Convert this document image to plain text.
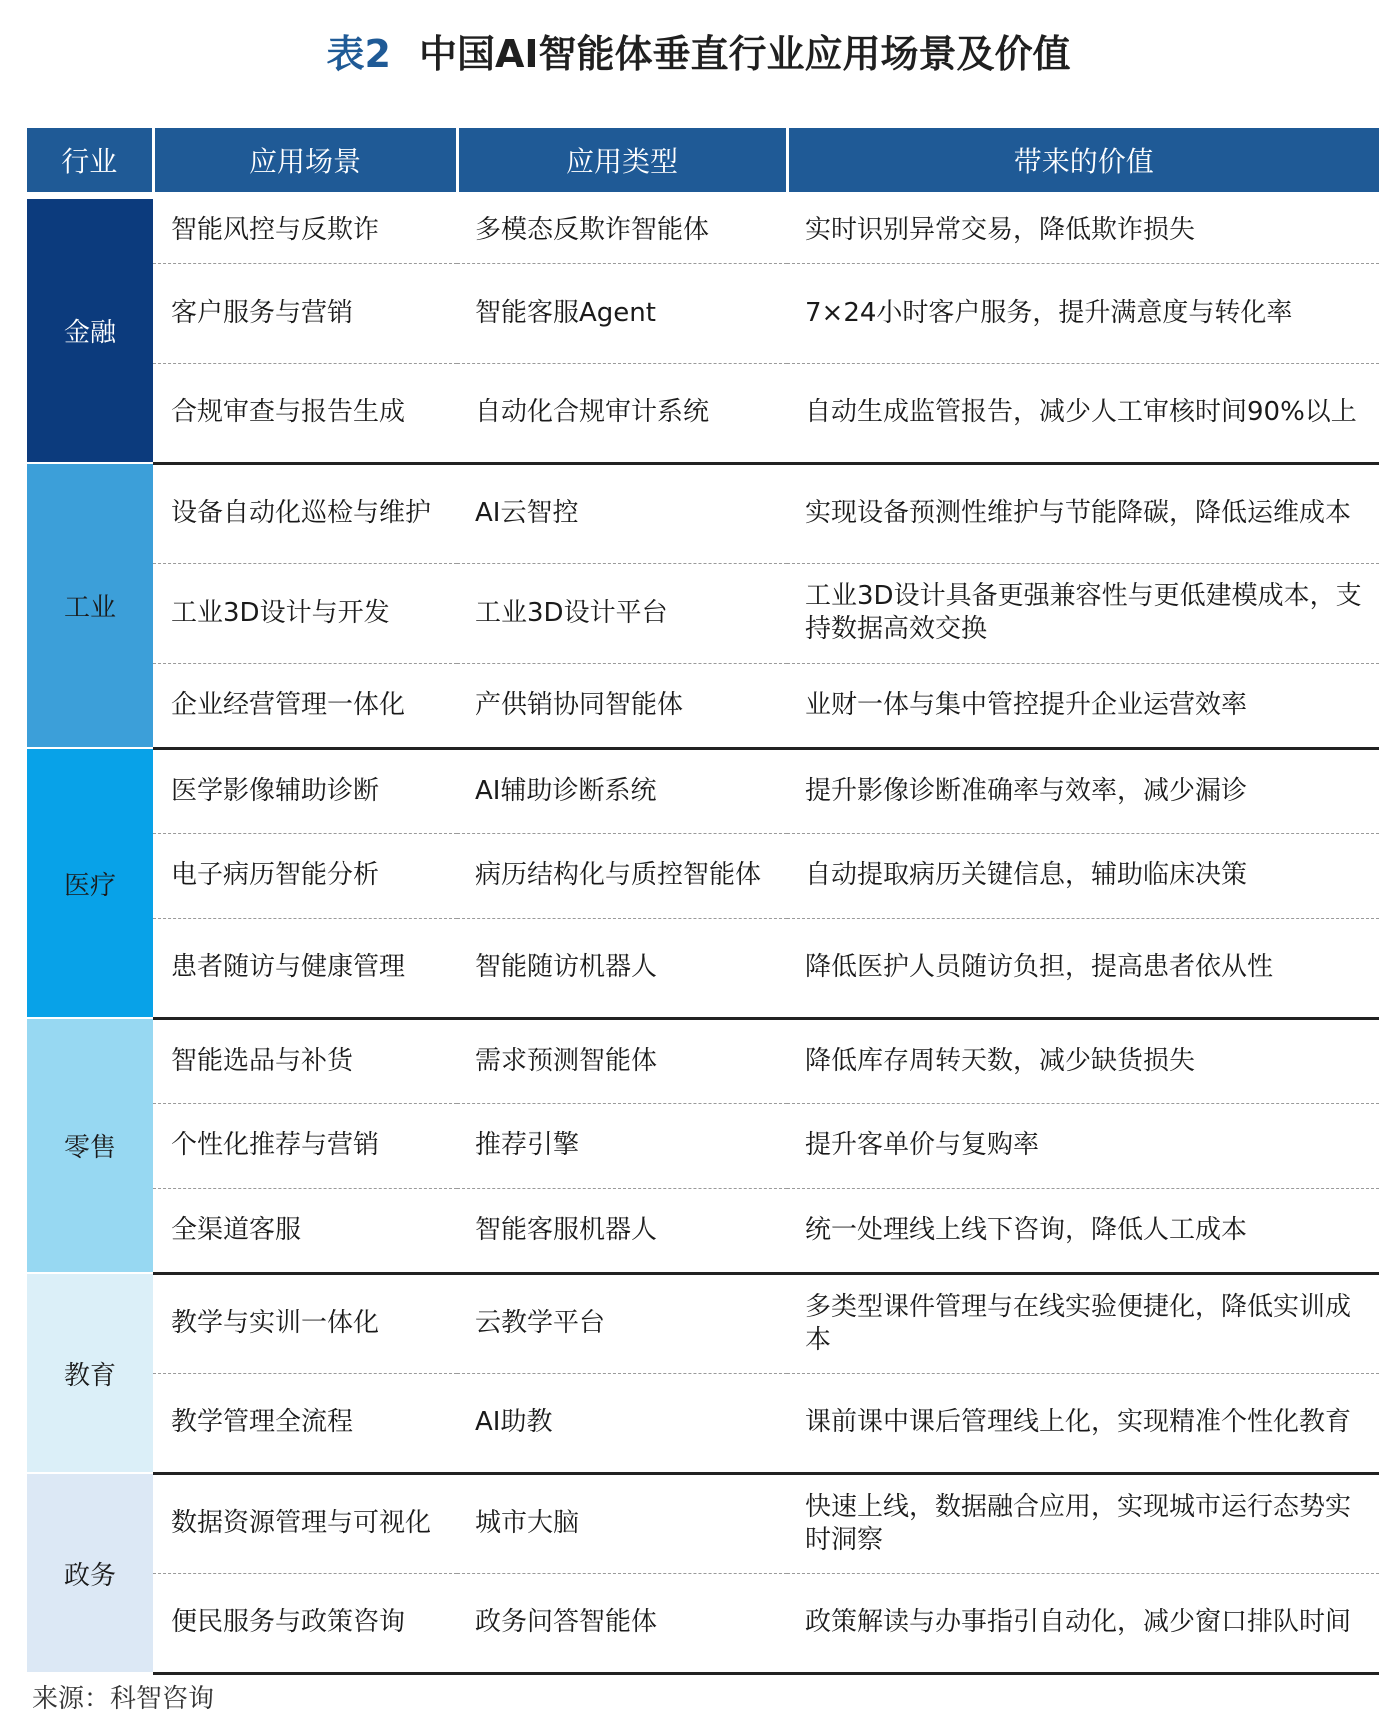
表2 中国AI智能体垂直行业应用场景及价值
行业	应用场景	应用类型	带来的价值

金融	智能风控与反欺诈	多模态反欺诈智能体	实时识别异常交易，降低欺诈损失
	客户服务与营销	智能客服Agent	7×24小时客户服务，提升满意度与转化率
	合规审查与报告生成	自动化合规审计系统	自动生成监管报告，减少人工审核时间90%以上
工业	设备自动化巡检与维护	AI云智控	实现设备预测性维护与节能降碳，降低运维成本
	工业3D设计与开发	工业3D设计平台	工业3D设计具备更强兼容性与更低建模成本，支持数据高效交换
	企业经营管理一体化	产供销协同智能体	业财一体与集中管控提升企业运营效率
医疗	医学影像辅助诊断	AI辅助诊断系统	提升影像诊断准确率与效率，减少漏诊
	电子病历智能分析	病历结构化与质控智能体	自动提取病历关键信息，辅助临床决策
	患者随访与健康管理	智能随访机器人	降低医护人员随访负担，提高患者依从性
零售	智能选品与补货	需求预测智能体	降低库存周转天数，减少缺货损失
	个性化推荐与营销	推荐引擎	提升客单价与复购率
	全渠道客服	智能客服机器人	统一处理线上线下咨询，降低人工成本
教育	教学与实训一体化	云教学平台	多类型课件管理与在线实验便捷化，降低实训成本
	教学管理全流程	AI助教	课前课中课后管理线上化，实现精准个性化教育
政务	数据资源管理与可视化	城市大脑	快速上线，数据融合应用，实现城市运行态势实时洞察
	便民服务与政策咨询	政务问答智能体	政策解读与办事指引自动化，减少窗口排队时间
来源：科智咨询
